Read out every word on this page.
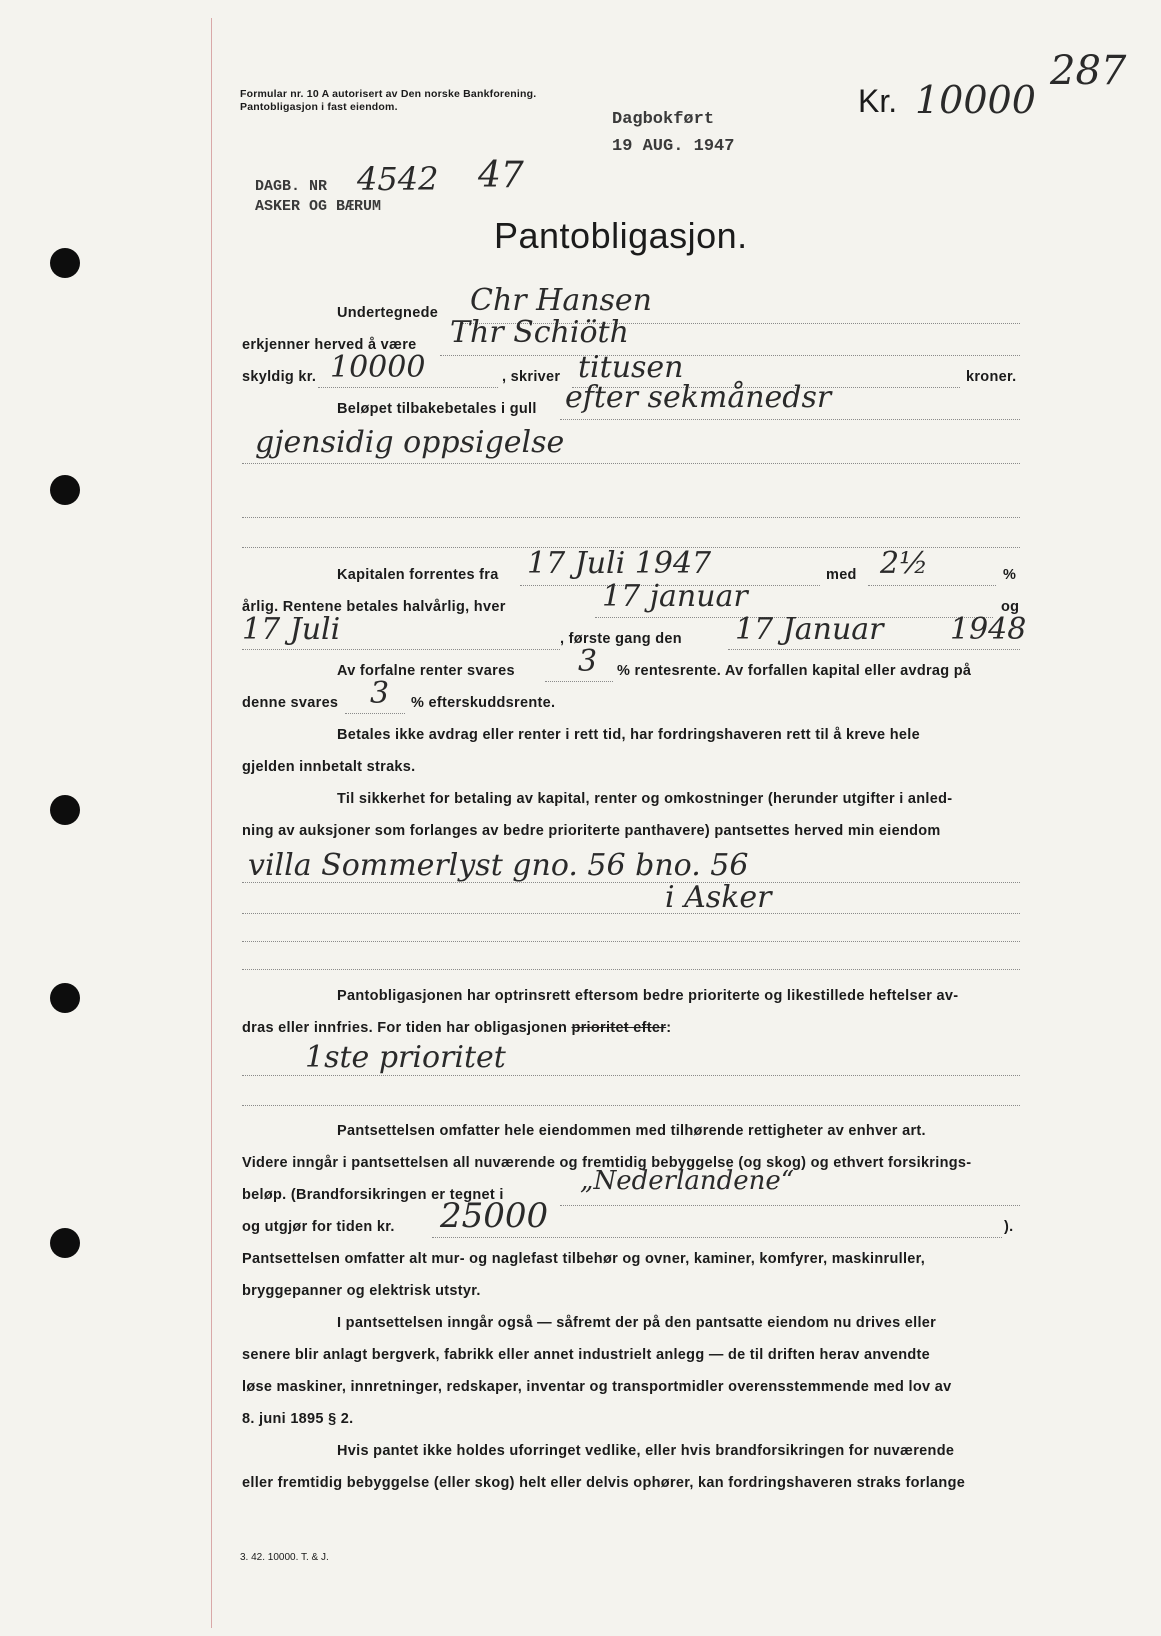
Formular nr. 10 A autorisert av Den norske Bankforening.
Pantobligasjon i fast eiendom.
Dagbokført
19 AUG. 1947
Kr. 10000
287
DAGB. NR 4542 47
ASKER OG BÆRUM
Pantobligasjon.
Undertegnede Chr Hansen
erkjenner herved å være Thr Schiöth
skyldig kr. 10000	, skriver titusen	kroner.
Beløpet tilbakebetales i gull efter sekmånedsr
gjensidig oppsigelse
Kapitalen forrentes fra 17 Juli 1947	med 2½	%
årlig. Rentene betales halvårlig, hver	17 januar	og
17 Juli	, første gang den 17 Januar 1948
Av forfalne renter svares 3 % rentesrente. Av forfallen kapital eller avdrag på
denne svares 3 % efterskuddsrente.
Betales ikke avdrag eller renter i rett tid, har fordringshaveren rett til å kreve hele
gjelden innbetalt straks.
Til sikkerhet for betaling av kapital, renter og omkostninger (herunder utgifter i anled-
ning av auksjoner som forlanges av bedre prioriterte panthavere) pantsettes herved min eiendom
villa Sommerlyst gno. 56 bno. 56
i Asker
Pantobligasjonen har optrinsrett eftersom bedre prioriterte og likestillede heftelser av-
dras eller innfries. For tiden har obligasjonen prioritet efter:
1ste prioritet
Pantsettelsen omfatter hele eiendommen med tilhørende rettigheter av enhver art.
Videre inngår i pantsettelsen all nuværende og fremtidig bebyggelse (og skog) og ethvert forsikrings-
beløp. (Brandforsikringen er tegnet i	„Nederlandene“
og utgjør for tiden kr. 25000	).
Pantsettelsen omfatter alt mur- og naglefast tilbehør og ovner, kaminer, komfyrer, maskinruller,
bryggepanner og elektrisk utstyr.
I pantsettelsen inngår også — såfremt der på den pantsatte eiendom nu drives eller
senere blir anlagt bergverk, fabrikk eller annet industrielt anlegg — de til driften herav anvendte
løse maskiner, innretninger, redskaper, inventar og transportmidler overensstemmende med lov av
8. juni 1895 § 2.
Hvis pantet ikke holdes uforringet vedlike, eller hvis brandforsikringen for nuværende
eller fremtidig bebyggelse (eller skog) helt eller delvis ophører, kan fordringshaveren straks forlange
3. 42. 10000. T. & J.
